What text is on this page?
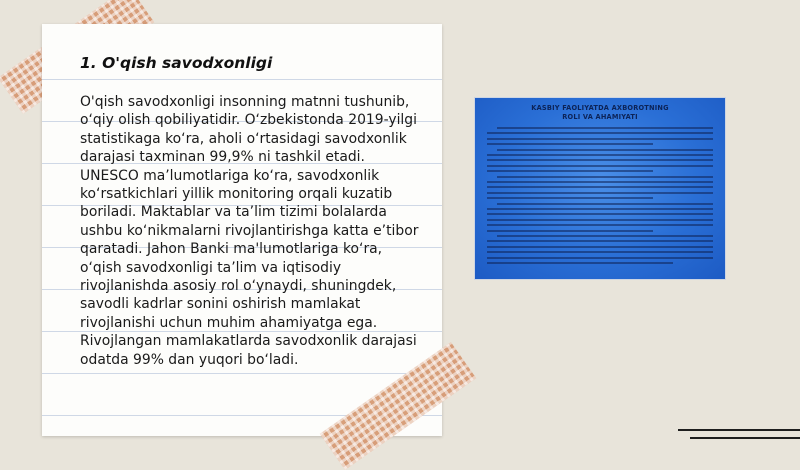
1. O'qish savodxonligi

O'qish savodxonligi insonning matnni tushunib, o‘qiy olish qobiliyatidir. O‘zbekistonda 2019-yilgi statistikaga ko‘ra, aholi o‘rtasidagi savodxonlik darajasi taxminan 99,9% ni tashkil etadi. UNESCO ma’lumotlariga ko‘ra, savodxonlik ko‘rsatkichlari yillik monitoring orqali kuzatib boriladi. Maktablar va ta’lim tizimi bolalarda ushbu ko‘nikmalarni rivojlantirishga katta e’tibor qaratadi. Jahon Banki ma'lumotlariga ko‘ra, o‘qish savodxonligi ta’lim va iqtisodiy rivojlanishda asosiy rol o‘ynaydi, shuningdek, savodli kadrlar sonini oshirish mamlakat rivojlanishi uchun muhim ahamiyatga ega. Rivojlangan mamlakatlarda savodxonlik darajasi odatda 99% dan yuqori bo‘ladi.

KASBIY FAOLIYATDA AXBOROTNING
ROLI VA AHAMIYATI
